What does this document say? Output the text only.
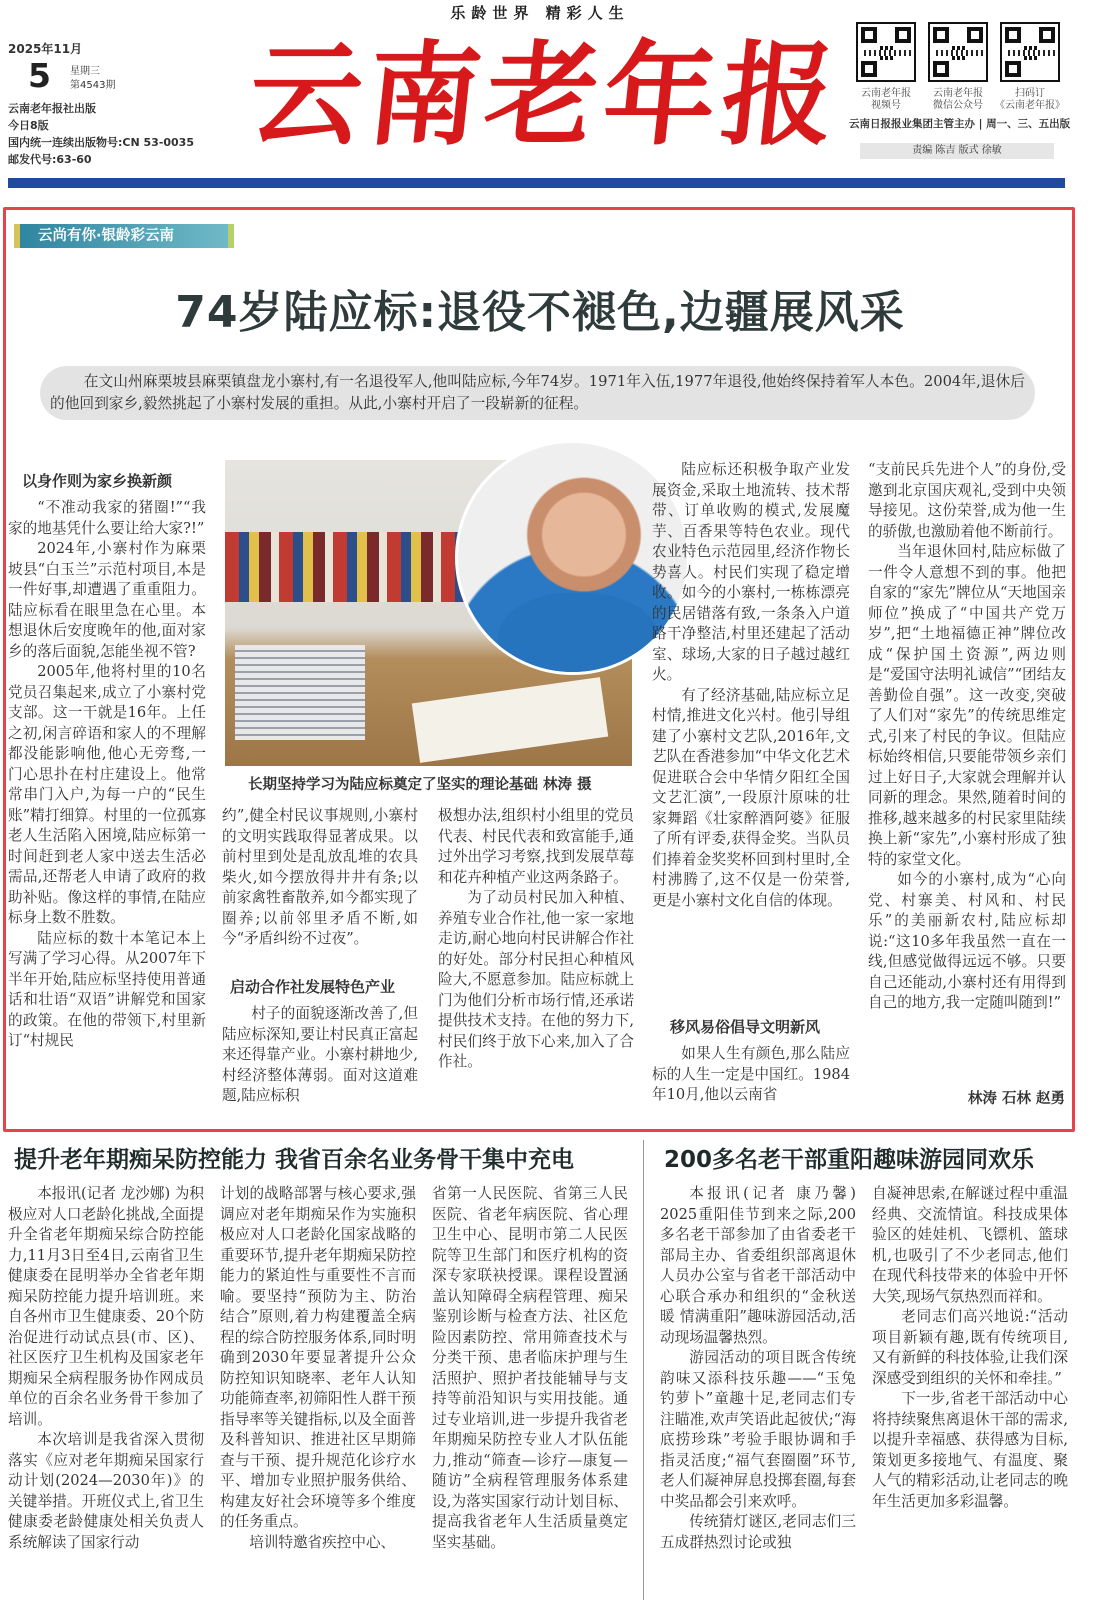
乐龄世界 精彩人生
2025年11月
5 星期三
第4543期
云南老年报社出版
今日8版
国内统一连续出版物号:CN 53-0035
邮发代号:63-60 云南老年报	云南老年报
视频号
云南老年报
微信公众号
扫码订
《云南老年报》
云南日报报业集团主管主办 | 周一、三、五出版
责编 陈吉 版式 徐敏
云尚有你·银龄彩云南
74岁陆应标:退役不褪色,边疆展风采
在文山州麻栗坡县麻栗镇盘龙小寨村,有一名退役军人,他叫陆应标,今年74岁。1971年入伍,1977年退役,他始终保持着军人本色。2004年,退休后的他回到家乡,毅然挑起了小寨村发展的重担。从此,小寨村开启了一段崭新的征程。
长期坚持学习为陆应标奠定了坚实的理论基础 林涛 摄
以身作则为家乡换新颜

“不准动我家的猪圈!”“我家的地基凭什么要让给大家?!”

2024年,小寨村作为麻栗坡县“白玉兰”示范村项目,本是一件好事,却遭遇了重重阻力。陆应标看在眼里急在心里。本想退休后安度晚年的他,面对家乡的落后面貌,怎能坐视不管?

2005年,他将村里的10名党员召集起来,成立了小寨村党支部。这一干就是16年。上任之初,闲言碎语和家人的不理解都没能影响他,他心无旁骛,一门心思扑在村庄建设上。他常常串门入户,为每一户的“民生账”精打细算。村里的一位孤寡老人生活陷入困境,陆应标第一时间赶到老人家中送去生活必需品,还帮老人申请了政府的救助补贴。像这样的事情,在陆应标身上数不胜数。

陆应标的数十本笔记本上写满了学习心得。从2007年下半年开始,陆应标坚持使用普通话和壮语“双语”讲解党和国家的政策。在他的带领下,村里新订“村规民

约”,健全村民议事规则,小寨村的文明实践取得显著成果。以前村里到处是乱放乱堆的农具柴火,如今摆放得井井有条;以前家禽牲畜散养,如今都实现了圈养;以前邻里矛盾不断,如今“矛盾纠纷不过夜”。

启动合作社发展特色产业

村子的面貌逐渐改善了,但陆应标深知,要让村民真正富起来还得靠产业。小寨村耕地少,村经济整体薄弱。面对这道难题,陆应标积

极想办法,组织村小组里的党员代表、村民代表和致富能手,通过外出学习考察,找到发展草莓和花卉种植产业这两条路子。

为了动员村民加入种植、养殖专业合作社,他一家一家地走访,耐心地向村民讲解合作社的好处。部分村民担心种植风险大,不愿意参加。陆应标就上门为他们分析市场行情,还承诺提供技术支持。在他的努力下,村民们终于放下心来,加入了合作社。

陆应标还积极争取产业发展资金,采取土地流转、技术帮带、订单收购的模式,发展魔芋、百香果等特色农业。现代农业特色示范园里,经济作物长势喜人。村民们实现了稳定增收。如今的小寨村,一栋栋漂亮的民居错落有致,一条条入户道路干净整洁,村里还建起了活动室、球场,大家的日子越过越红火。

有了经济基础,陆应标立足村情,推进文化兴村。他引导组建了小寨村文艺队,2016年,文艺队在香港参加“中华文化艺术促进联合会中华情夕阳红全国文艺汇演”,一段原汁原味的壮家舞蹈《壮家醉酒阿婆》征服了所有评委,获得金奖。当队员们捧着金奖奖杯回到村里时,全村沸腾了,这不仅是一份荣誉,更是小寨村文化自信的体现。

移风易俗倡导文明新风

如果人生有颜色,那么陆应标的人生一定是中国红。1984年10月,他以云南省

“支前民兵先进个人”的身份,受邀到北京国庆观礼,受到中央领导接见。这份荣誉,成为他一生的骄傲,也激励着他不断前行。

当年退休回村,陆应标做了一件令人意想不到的事。他把自家的“家先”牌位从“天地国亲师位”换成了“中国共产党万岁”,把“土地福德正神”牌位改成“保护国土资源”,两边则是“爱国守法明礼诚信”“团结友善勤俭自强”。这一改变,突破了人们对“家先”的传统思维定式,引来了村民的争议。但陆应标始终相信,只要能带领乡亲们过上好日子,大家就会理解并认同新的理念。果然,随着时间的推移,越来越多的村民家里陆续换上新“家先”,小寨村形成了独特的家堂文化。

如今的小寨村,成为“心向党、村寨美、村风和、村民乐”的美丽新农村,陆应标却说:“这10多年我虽然一直在一线,但感觉做得远远不够。只要自己还能动,小寨村还有用得到自己的地方,我一定随叫随到!”

林涛 石林 赵勇
提升老年期痴呆防控能力 我省百余名业务骨干集中充电

本报讯(记者 龙沙娜) 为积极应对人口老龄化挑战,全面提升全省老年期痴呆综合防控能力,11月3日至4日,云南省卫生健康委在昆明举办全省老年期痴呆防控能力提升培训班。来自各州市卫生健康委、20个防治促进行动试点县(市、区)、社区医疗卫生机构及国家老年期痴呆全病程服务协作网成员单位的百余名业务骨干参加了培训。

本次培训是我省深入贯彻落实《应对老年期痴呆国家行动计划(2024—2030年)》的关键举措。开班仪式上,省卫生健康委老龄健康处相关负责人系统解读了国家行动

计划的战略部署与核心要求,强调应对老年期痴呆作为实施积极应对人口老龄化国家战略的重要环节,提升老年期痴呆防控能力的紧迫性与重要性不言而喻。要坚持“预防为主、防治结合”原则,着力构建覆盖全病程的综合防控服务体系,同时明确到2030年要显著提升公众防控知识知晓率、老年人认知功能筛查率,初筛阳性人群干预指导率等关键指标,以及全面普及科普知识、推进社区早期筛查与干预、提升规范化诊疗水平、增加专业照护服务供给、构建友好社会环境等多个维度的任务重点。

培训特邀省疾控中心、

省第一人民医院、省第三人民医院、省老年病医院、省心理卫生中心、昆明市第二人民医院等卫生部门和医疗机构的资深专家联袂授课。课程设置涵盖认知障碍全病程管理、痴呆鉴别诊断与检查方法、社区危险因素防控、常用筛查技术与分类干预、患者临床护理与生活照护、照护者技能辅导与支持等前沿知识与实用技能。通过专业培训,进一步提升我省老年期痴呆防控专业人才队伍能力,推动“筛查—诊疗—康复—随访”全病程管理服务体系建设,为落实国家行动计划目标、提高我省老年人生活质量奠定坚实基础。

200多名老干部重阳趣味游园同欢乐

本报讯(记者 康乃馨) 2025重阳佳节到来之际,200多名老干部参加了由省委老干部局主办、省委组织部离退休人员办公室与省老干部活动中心联合承办和组织的“金秋送暖 情满重阳”趣味游园活动,活动现场温馨热烈。

游园活动的项目既含传统韵味又添科技乐趣——“玉兔钓萝卜”童趣十足,老同志们专注瞄准,欢声笑语此起彼伏;“海底捞珍珠”考验手眼协调和手指灵活度;“福气套圈圈”环节,老人们凝神屏息投掷套圈,每套中奖品都会引来欢呼。

传统猜灯谜区,老同志们三五成群热烈讨论或独

自凝神思索,在解谜过程中重温经典、交流情谊。科技成果体验区的娃娃机、飞镖机、篮球机,也吸引了不少老同志,他们在现代科技带来的体验中开怀大笑,现场气氛热烈而祥和。

老同志们高兴地说:“活动项目新颖有趣,既有传统项目,又有新鲜的科技体验,让我们深深感受到组织的关怀和牵挂。”

下一步,省老干部活动中心将持续聚焦离退休干部的需求,以提升幸福感、获得感为目标,策划更多接地气、有温度、聚人气的精彩活动,让老同志的晚年生活更加多彩温馨。
